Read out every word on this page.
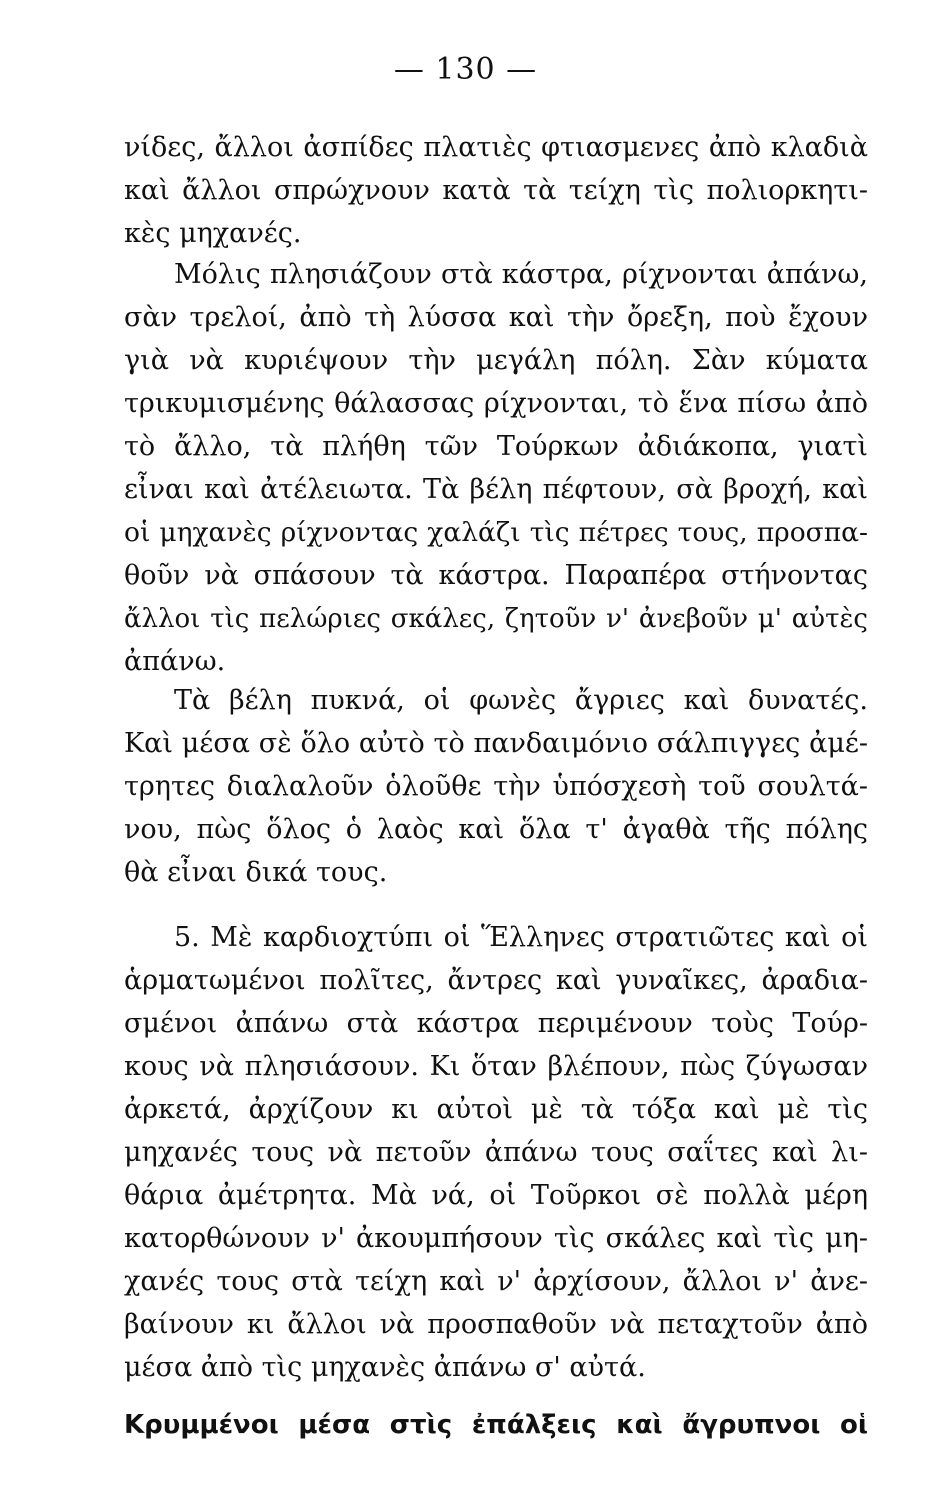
— 130 —
νίδες, ἄλλοι ἀσπίδες πλατιὲς φτιασμενες ἀπὸ κλαδιὰ
καὶ ἄλλοι σπρώχνουν κατὰ τὰ τείχη τὶς πολιορκητι-
κὲς μηχανές.
Μόλις πλησιάζουν στὰ κάστρα, ρίχνονται ἀπάνω,
σὰν τρελοί, ἀπὸ τὴ λύσσα καὶ τὴν ὄρεξη, ποὺ ἔχουν
γιὰ νὰ κυριέψουν τὴν μεγάλη πόλη. Σὰν κύματα
τρικυμισμένης θάλασσας ρίχνονται, τὸ ἕνα πίσω ἀπὸ
τὸ ἄλλο, τὰ πλήθη τῶν Τούρκων ἀδιάκοπα, γιατὶ
εἶναι καὶ ἀτέλειωτα. Τὰ βέλη πέφτουν, σὰ βροχή, καὶ
οἱ μηχανὲς ρίχνοντας χαλάζι τὶς πέτρες τους, προσπα-
θοῦν νὰ σπάσουν τὰ κάστρα. Παραπέρα στήνοντας
ἄλλοι τὶς πελώριες σκάλες, ζητοῦν ν' ἀνεβοῦν μ' αὐτὲς
ἀπάνω.
Τὰ βέλη πυκνά, οἱ φωνὲς ἄγριες καὶ δυνατές.
Καὶ μέσα σὲ ὅλο αὐτὸ τὸ πανδαιμόνιο σάλπιγγες ἀμέ-
τρητες διαλαλοῦν ὁλοῦθε τὴν ὑπόσχεσὴ τοῦ σουλτά-
νου, πὼς ὅλος ὁ λαὸς καὶ ὅλα τ' ἀγαθὰ τῆς πόλης
θὰ εἶναι δικά τους.
5. Μὲ καρδιοχτύπι οἱ Ἕλληνες στρατιῶτες καὶ οἱ
ἁρματωμένοι πολῖτες, ἄντρες καὶ γυναῖκες, ἀραδια-
σμένοι ἀπάνω στὰ κάστρα περιμένουν τοὺς Τούρ-
κους νὰ πλησιάσουν. Κι ὅταν βλέπουν, πὼς ζύγωσαν
ἀρκετά, ἀρχίζουν κι αὐτοὶ μὲ τὰ τόξα καὶ μὲ τὶς
μηχανές τους νὰ πετοῦν ἀπάνω τους σαΐτες καὶ λι-
θάρια ἀμέτρητα. Μὰ νά, οἱ Τοῦρκοι σὲ πολλὰ μέρη
κατορθώνουν ν' ἀκουμπήσουν τὶς σκάλες καὶ τὶς μη-
χανές τους στὰ τείχη καὶ ν' ἀρχίσουν, ἄλλοι ν' ἀνε-
βαίνουν κι ἄλλοι νὰ προσπαθοῦν νὰ πεταχτοῦν ἀπὸ
μέσα ἀπὸ τὶς μηχανὲς ἀπάνω σ' αὐτά.
Κρυμμένοι μέσα στὶς ἐπάλξεις καὶ ἄγρυπνοι οἱ
